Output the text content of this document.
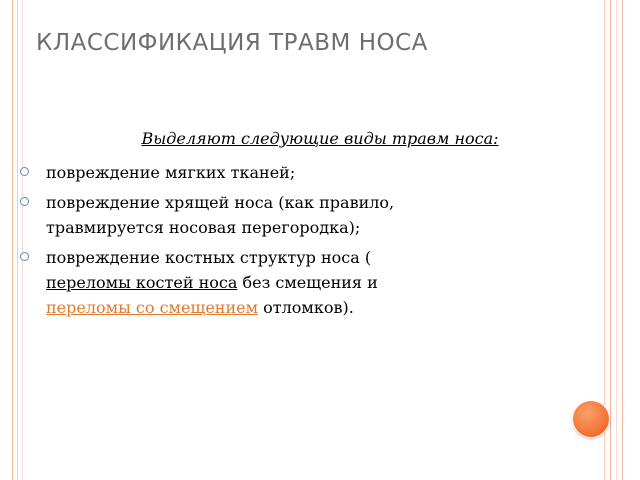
КЛАССИФИКАЦИЯ ТРАВМ НОСА
Выделяют следующие виды травм носа:
повреждение мягких тканей;
повреждение хрящей носа (как правило, травмируется носовая перегородка);
повреждение костных структур носа (
переломы костей носа без смещения и
переломы со смещением отломков).
